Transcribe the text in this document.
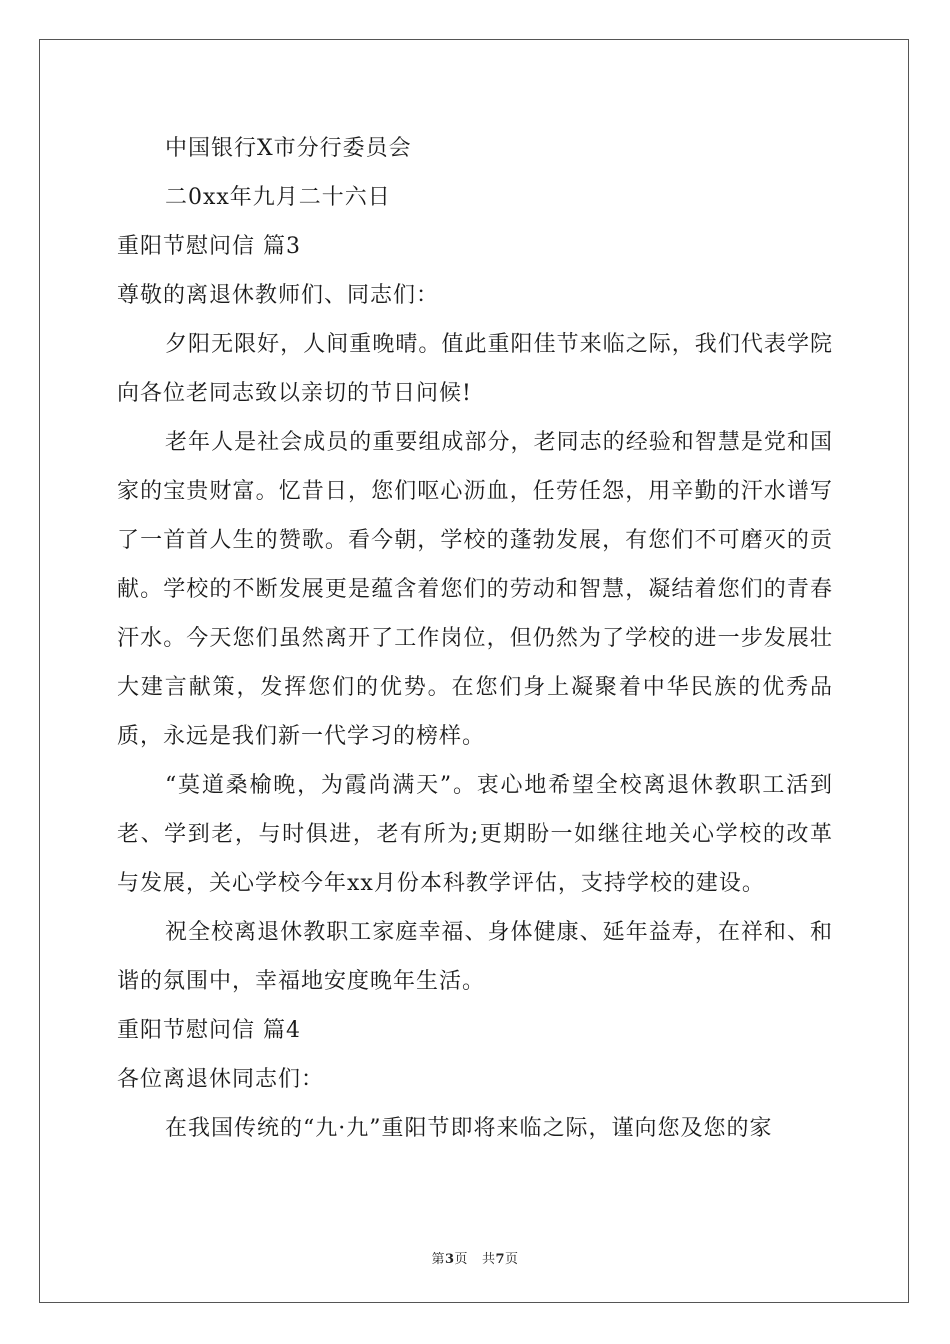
中国银行X市分行委员会
二0xx年九月二十六日
重阳节慰问信 篇3
尊敬的离退休教师们、同志们：

夕阳无限好，人间重晚晴。值此重阳佳节来临之际，我们代表学院向各位老同志致以亲切的节日问候!

老年人是社会成员的重要组成部分，老同志的经验和智慧是党和国家的宝贵财富。忆昔日，您们呕心沥血，任劳任怨，用辛勤的汗水谱写了一首首人生的赞歌。看今朝，学校的蓬勃发展，有您们不可磨灭的贡献。学校的不断发展更是蕴含着您们的劳动和智慧，凝结着您们的青春汗水。今天您们虽然离开了工作岗位，但仍然为了学校的进一步发展壮大建言献策，发挥您们的优势。在您们身上凝聚着中华民族的优秀品质，永远是我们新一代学习的榜样。

“莫道桑榆晚，为霞尚满天”。衷心地希望全校离退休教职工活到老、学到老，与时俱进，老有所为;更期盼一如继往地关心学校的改革与发展，关心学校今年xx月份本科教学评估，支持学校的建设。

祝全校离退休教职工家庭幸福、身体健康、延年益寿，在祥和、和谐的氛围中，幸福地安度晚年生活。

重阳节慰问信 篇4
各位离退休同志们：

在我国传统的“九·九”重阳节即将来临之际，谨向您及您的家

第3页   共7页
